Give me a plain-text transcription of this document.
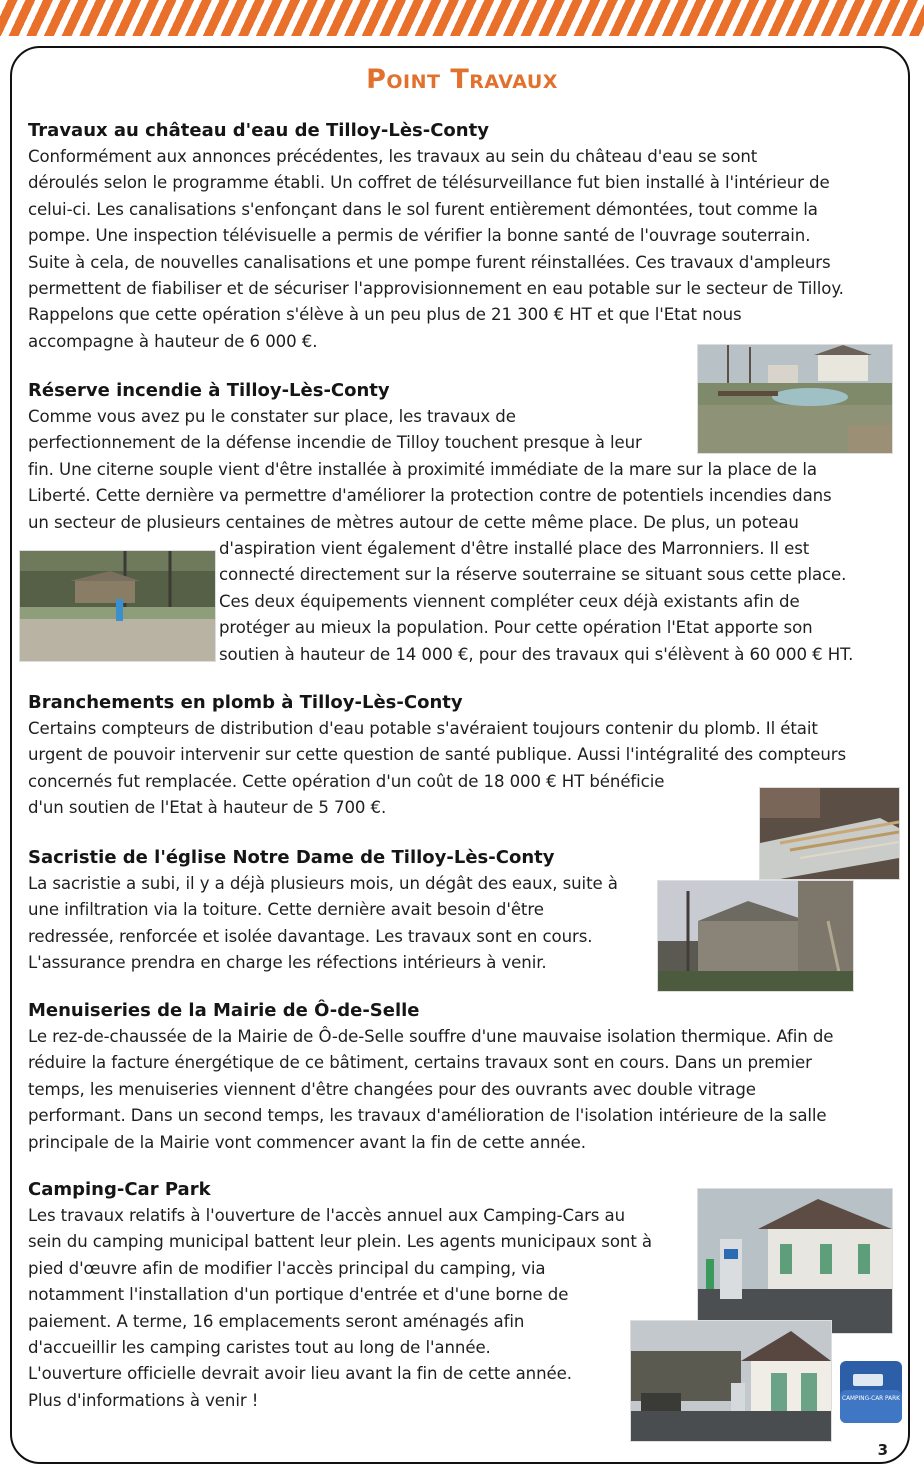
Point Travaux
Travaux au château d'eau de Tilloy-Lès-Conty

Conformément aux annonces précédentes, les travaux au sein du château d'eau se sont
déroulés selon le programme établi. Un coffret de télésurveillance fut bien installé à l'intérieur de
celui-ci. Les canalisations s'enfonçant dans le sol furent entièrement démontées, tout comme la
pompe. Une inspection télévisuelle a permis de vérifier la bonne santé de l'ouvrage souterrain.
Suite à cela, de nouvelles canalisations et une pompe furent réinstallées. Ces travaux d'ampleurs
permettent de fiabiliser et de sécuriser l'approvisionnement en eau potable sur le secteur de Tilloy.
Rappelons que cette opération s'élève à un peu plus de 21 300 € HT et que l'Etat nous
accompagne à hauteur de 6 000 €.

Réserve incendie à Tilloy-Lès-Conty

Comme vous avez pu le constater sur place, les travaux de
perfectionnement de la défense incendie de Tilloy touchent presque à leur
fin. Une citerne souple vient d'être installée à proximité immédiate de la mare sur la place de la
Liberté. Cette dernière va permettre d'améliorer la protection contre de potentiels incendies dans
un secteur de plusieurs centaines de mètres autour de cette même place. De plus, un poteau
d'aspiration vient également d'être installé place des Marronniers. Il est
connecté directement sur la réserve souterraine se situant sous cette place.
Ces deux équipements viennent compléter ceux déjà existants afin de
protéger au mieux la population. Pour cette opération l'Etat apporte son
soutien à hauteur de 14 000 €, pour des travaux qui s'élèvent à 60 000 € HT.

Branchements en plomb à Tilloy-Lès-Conty

Certains compteurs de distribution d'eau potable s'avéraient toujours contenir du plomb. Il était
urgent de pouvoir intervenir sur cette question de santé publique. Aussi l'intégralité des compteurs
concernés fut remplacée. Cette opération d'un coût de 18 000 € HT bénéficie
d'un soutien de l'Etat à hauteur de 5 700 €.

Sacristie de l'église Notre Dame de Tilloy-Lès-Conty

La sacristie a subi, il y a déjà plusieurs mois, un dégât des eaux, suite à
une infiltration via la toiture. Cette dernière avait besoin d'être
redressée, renforcée et isolée davantage. Les travaux sont en cours.
L'assurance prendra en charge les réfections intérieurs à venir.

Menuiseries de la Mairie de Ô-de-Selle

Le rez-de-chaussée de la Mairie de Ô-de-Selle souffre d'une mauvaise isolation thermique. Afin de
réduire la facture énergétique de ce bâtiment, certains travaux sont en cours. Dans un premier
temps, les menuiseries viennent d'être changées pour des ouvrants avec double vitrage
performant. Dans un second temps, les travaux d'amélioration de l'isolation intérieure de la salle
principale de la Mairie vont commencer avant la fin de cette année.

Camping-Car Park

Les travaux relatifs à l'ouverture de l'accès annuel aux Camping-Cars au
sein du camping municipal battent leur plein. Les agents municipaux sont à
pied d'œuvre afin de modifier l'accès principal du camping, via
notamment l'installation d'un portique d'entrée et d'une borne de
paiement. A terme, 16 emplacements seront aménagés afin
d'accueillir les camping caristes tout au long de l'année.
L'ouverture officielle devrait avoir lieu avant la fin de cette année.
Plus d'informations à venir !	CAMPING-CAR PARK
3
